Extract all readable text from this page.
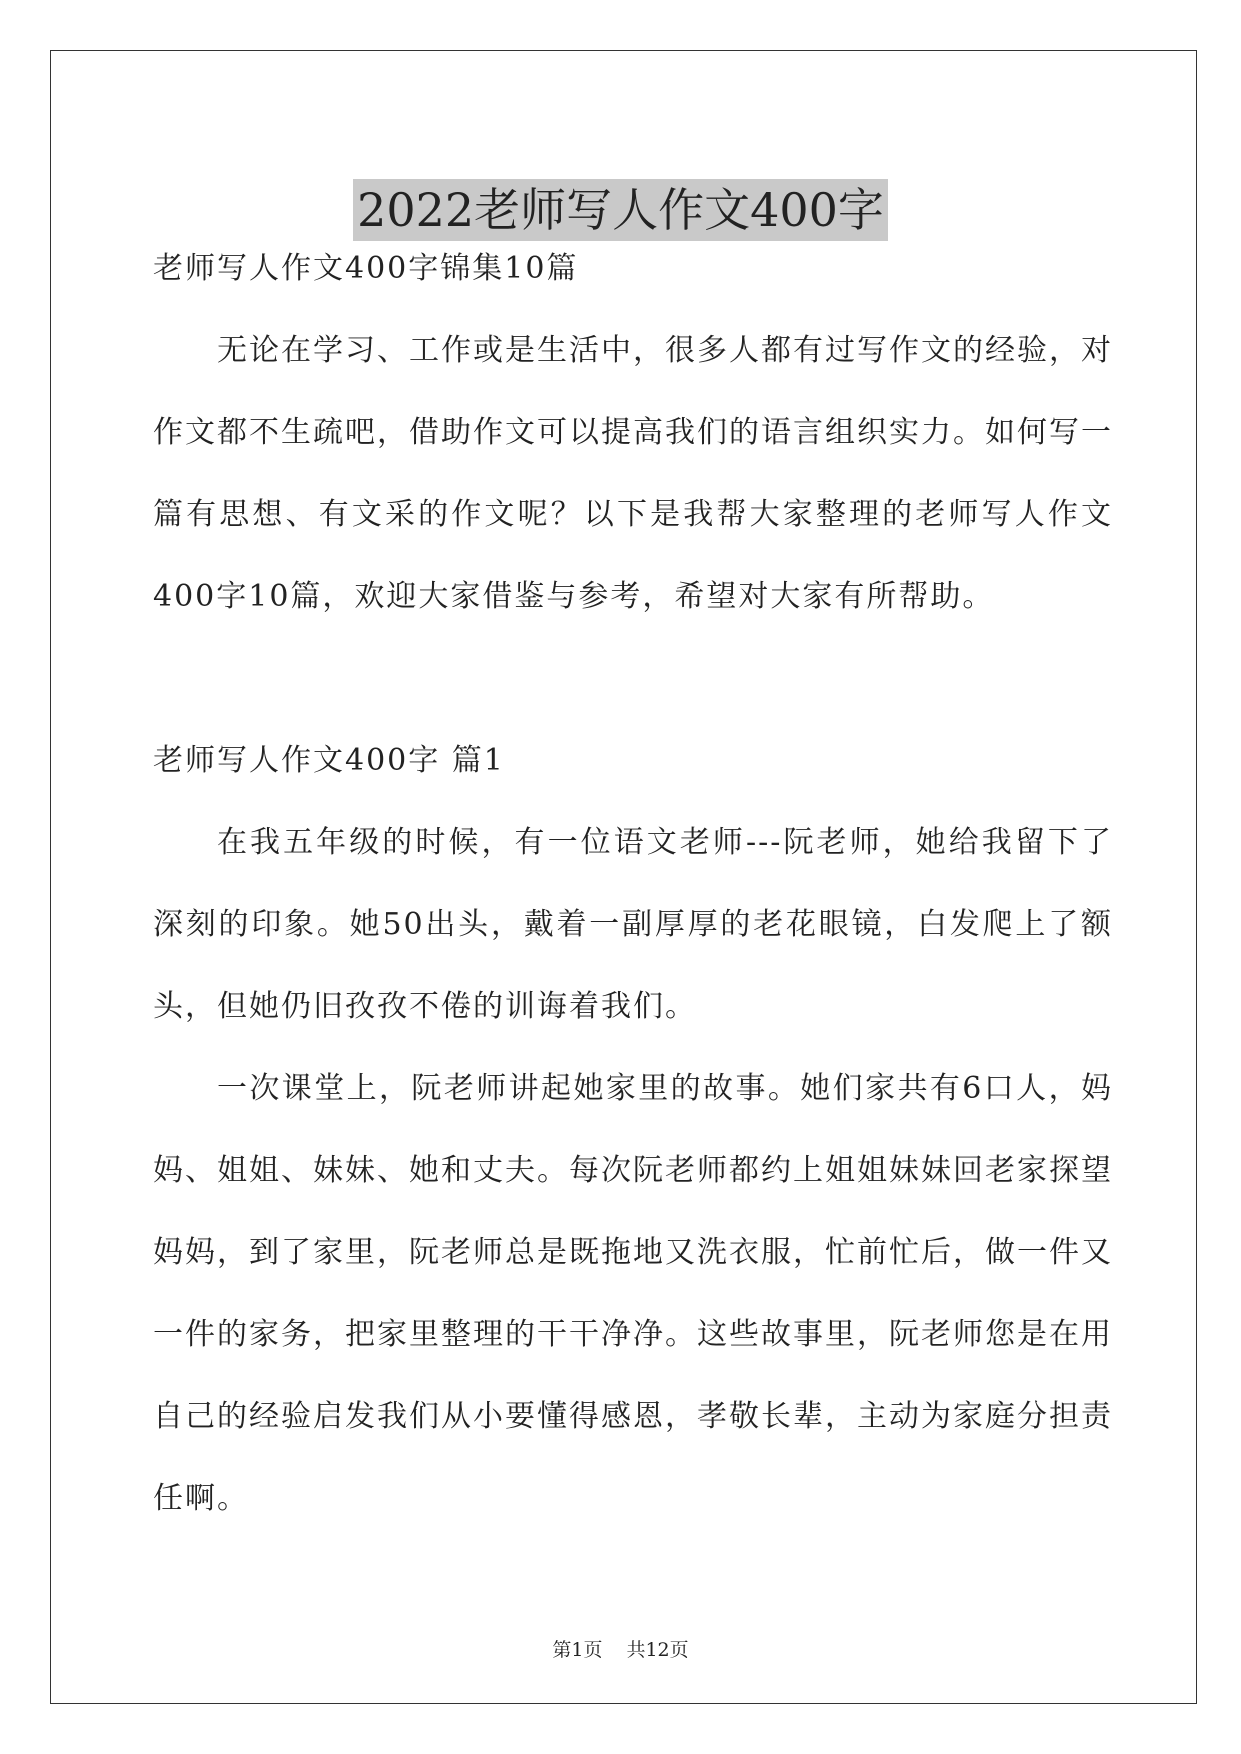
2022老师写人作文400字

老师写人作文400字锦集10篇

无论在学习、工作或是生活中，很多人都有过写作文的经验，对作文都不生疏吧，借助作文可以提高我们的语言组织实力。如何写一篇有思想、有文采的作文呢？以下是我帮大家整理的老师写人作文400字10篇，欢迎大家借鉴与参考，希望对大家有所帮助。

老师写人作文400字 篇1

在我五年级的时候，有一位语文老师---阮老师，她给我留下了深刻的印象。她50出头，戴着一副厚厚的老花眼镜，白发爬上了额头，但她仍旧孜孜不倦的训诲着我们。

一次课堂上，阮老师讲起她家里的故事。她们家共有6口人，妈妈、姐姐、妹妹、她和丈夫。每次阮老师都约上姐姐妹妹回老家探望妈妈，到了家里，阮老师总是既拖地又洗衣服，忙前忙后，做一件又一件的家务，把家里整理的干干净净。这些故事里，阮老师您是在用自己的经验启发我们从小要懂得感恩，孝敬长辈，主动为家庭分担责任啊。

第1页 共12页
